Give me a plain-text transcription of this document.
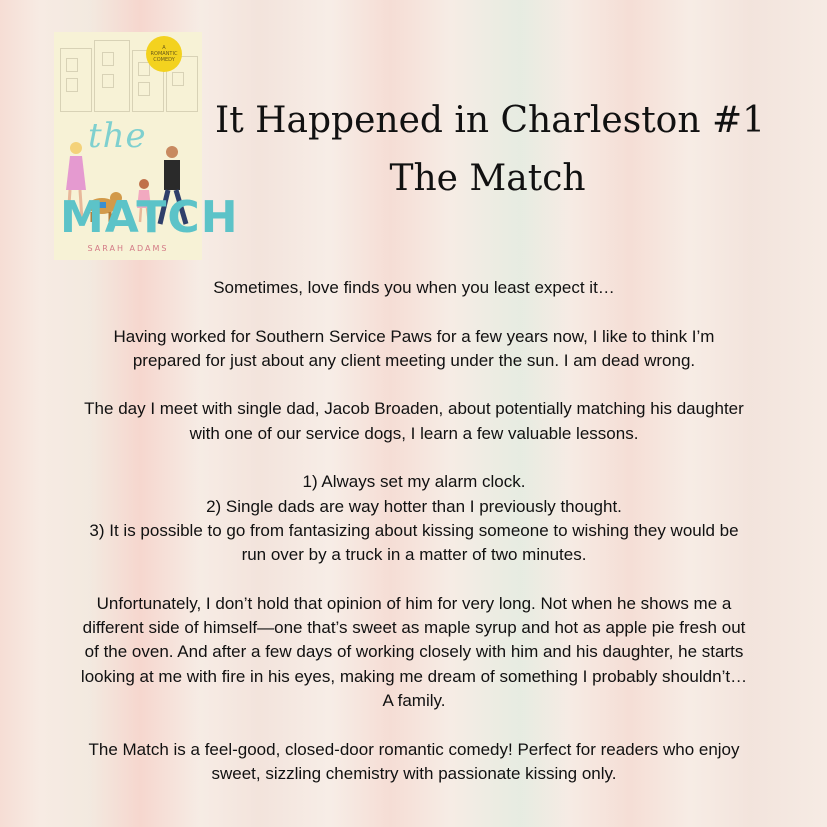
A
ROMANTIC
COMEDY
the
MATCH
SARAH ADAMS
It Happened in Charleston #1
The Match

Sometimes, love finds you when you least expect it…

Having worked for Southern Service Paws for a few years now, I like to think I’m

prepared for just about any client meeting under the sun. I am dead wrong.

The day I meet with single dad, Jacob Broaden, about potentially matching his daughter

with one of our service dogs, I learn a few valuable lessons.

1) Always set my alarm clock.

2) Single dads are way hotter than I previously thought.

3) It is possible to go from fantasizing about kissing someone to wishing they would be

run over by a truck in a matter of two minutes.

Unfortunately, I don’t hold that opinion of him for very long. Not when he shows me a

different side of himself—one that’s sweet as maple syrup and hot as apple pie fresh out

of the oven. And after a few days of working closely with him and his daughter, he starts

looking at me with fire in his eyes, making me dream of something I probably shouldn’t…

A family.

The Match is a feel-good, closed-door romantic comedy! Perfect for readers who enjoy

sweet, sizzling chemistry with passionate kissing only.
